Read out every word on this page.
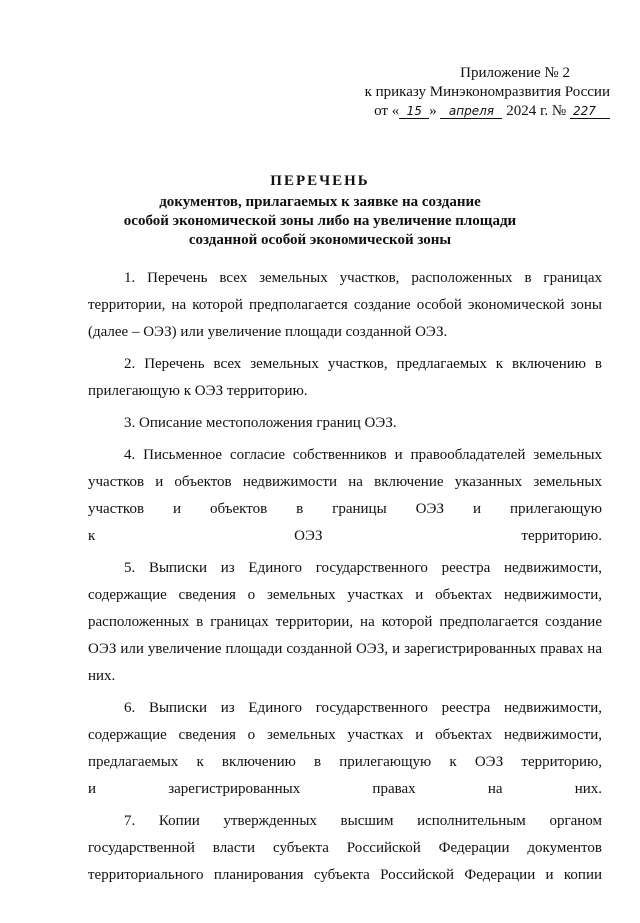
Приложение № 2
к приказу Минэкономразвития России
от « 15 » апреля 2024 г. № 227
ПЕРЕЧЕНЬ
документов, прилагаемых к заявке на создание
особой экономической зоны либо на увеличение площади
созданной особой экономической зоны

1. Перечень всех земельных участков, расположенных в границах территории, на которой предполагается создание особой экономической зоны (далее – ОЭЗ) или увеличение площади созданной ОЭЗ.

2. Перечень всех земельных участков, предлагаемых к включению в прилегающую к ОЭЗ территорию.

3. Описание местоположения границ ОЭЗ.

4. Письменное согласие собственников и правообладателей земельных участков и объектов недвижимости на включение указанных земельных участков и объектов в границы ОЭЗ и прилегающую
к ОЭЗ территорию.

5. Выписки из Единого государственного реестра недвижимости, содержащие сведения о земельных участках и объектах недвижимости, расположенных в границах территории, на которой предполагается создание ОЭЗ или увеличение площади созданной ОЭЗ, и зарегистрированных правах на них.

6. Выписки из Единого государственного реестра недвижимости, содержащие сведения о земельных участках и объектах недвижимости, предлагаемых к включению в прилегающую к ОЭЗ территорию,
и зарегистрированных правах на них.

7. Копии утвержденных высшим исполнительным органом государственной власти субъекта Российской Федерации документов территориального планирования субъекта Российской Федерации и копии
